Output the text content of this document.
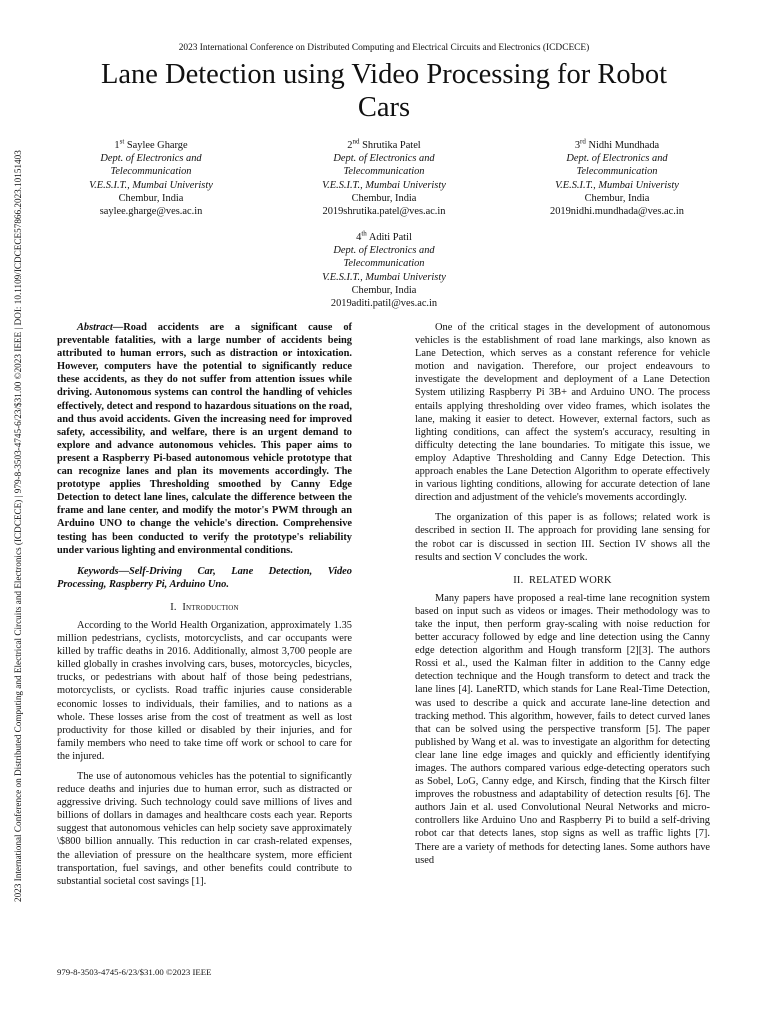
2023 International Conference on Distributed Computing and Electrical Circuits and Electronics (ICDCECE) | 979-8-3503-4745-6/23/$31.00 ©2023 IEEE | DOI: 10.1109/ICDCECE57866.2023.10151403
2023 International Conference on Distributed Computing and Electrical Circuits and Electronics (ICDCECE)
Lane Detection using Video Processing for Robot
Cars
1st Saylee Gharge
Dept. of Electronics and
Telecommunication
V.E.S.I.T., Mumbai Univeristy
Chembur, India
saylee.gharge@ves.ac.in
2nd Shrutika Patel
Dept. of Electronics and
Telecommunication
V.E.S.I.T., Mumbai Univeristy
Chembur, India
2019shrutika.patel@ves.ac.in
3rd Nidhi Mundhada
Dept. of Electronics and
Telecommunication
V.E.S.I.T., Mumbai Univeristy
Chembur, India
2019nidhi.mundhada@ves.ac.in
4th Aditi Patil
Dept. of Electronics and
Telecommunication
V.E.S.I.T., Mumbai Univeristy
Chembur, India
2019aditi.patil@ves.ac.in

Abstract—Road accidents are a significant cause of preventable fatalities, with a large number of accidents being attributed to human errors, such as distraction or intoxication. However, computers have the potential to significantly reduce these accidents, as they do not suffer from attention issues while driving. Autonomous systems can control the handling of vehicles effectively, detect and respond to hazardous situations on the road, and thus avoid accidents. Given the increasing need for improved safety, accessibility, and welfare, there is an urgent demand to explore and advance autonomous vehicles. This paper aims to present a Raspberry Pi-based autonomous vehicle prototype that can recognize lanes and plan its movements accordingly. The prototype applies Thresholding smoothed by Canny Edge Detection to detect lane lines, calculate the difference between the frame and lane center, and modify the motor's PWM through an Arduino UNO to change the vehicle's direction. Comprehensive testing has been conducted to verify the prototype's reliability under various lighting and environmental conditions.

Keywords—Self-Driving Car, Lane Detection, Video Processing, Raspberry Pi, Arduino Uno.

I. Introduction

According to the World Health Organization, approximately 1.35 million pedestrians, cyclists, motorcyclists, and car occupants were killed by traffic deaths in 2016. Additionally, almost 3,700 people are killed globally in crashes involving cars, buses, motorcycles, bicycles, trucks, or pedestrians with about half of those being pedestrians, motorcyclists, or cyclists. Road traffic injuries cause considerable economic losses to individuals, their families, and to nations as a whole. These losses arise from the cost of treatment as well as lost productivity for those killed or disabled by their injuries, and for family members who need to take time off work or school to care for the injured.

The use of autonomous vehicles has the potential to significantly reduce deaths and injuries due to human error, such as distracted or aggressive driving. Such technology could save millions of lives and billions of dollars in damages and healthcare costs each year. Reports suggest that autonomous vehicles can help society save approximately \$800 billion annually. This reduction in car crash-related expenses, the alleviation of pressure on the healthcare system, more efficient transportation, fuel savings, and other benefits could contribute to substantial societal cost savings [1].

One of the critical stages in the development of autonomous vehicles is the establishment of road lane markings, also known as Lane Detection, which serves as a constant reference for vehicle motion and navigation. Therefore, our project endeavours to investigate the development and deployment of a Lane Detection System utilizing Raspberry Pi 3B+ and Arduino UNO. The process entails applying thresholding over video frames, which isolates the lane, making it easier to detect. However, external factors, such as lighting conditions, can affect the system's accuracy, resulting in difficulty detecting the lane boundaries. To mitigate this issue, we employ Adaptive Thresholding and Canny Edge Detection. This approach enables the Lane Detection Algorithm to operate effectively in various lighting conditions, allowing for accurate detection of lane direction and adjustment of the vehicle's movements accordingly.

The organization of this paper is as follows; related work is described in section II. The approach for providing lane sensing for the robot car is discussed in section III. Section IV shows all the results and section V concludes the work.

II. RELATED WORK

Many papers have proposed a real-time lane recognition system based on input such as videos or images. Their methodology was to take the input, then perform gray-scaling with noise reduction for better accuracy followed by edge and line detection using the Canny edge detection algorithm and Hough transform [2][3]. The authors Rossi et al., used the Kalman filter in addition to the Canny edge detection technique and the Hough transform to detect and track the lane lines [4]. LaneRTD, which stands for Lane Real-Time Detection, was used to describe a quick and accurate lane-line detection and tracking method. This algorithm, however, fails to detect curved lanes that can be solved using the perspective transform [5]. The paper published by Wang et al. was to investigate an algorithm for detecting clear lane line edge images and quickly and efficiently identifying images. The authors compared various edge-detecting operators such as Sobel, LoG, Canny edge, and Kirsch, finding that the Kirsch filter improves the robustness and adaptability of detection results [6]. The authors Jain et al. used Convolutional Neural Networks and micro-controllers like Arduino Uno and Raspberry Pi to build a self-driving robot car that detects lanes, stop signs as well as traffic lights [7]. There are a variety of methods for detecting lanes. Some authors have used

979-8-3503-4745-6/23/$31.00 ©2023 IEEE
